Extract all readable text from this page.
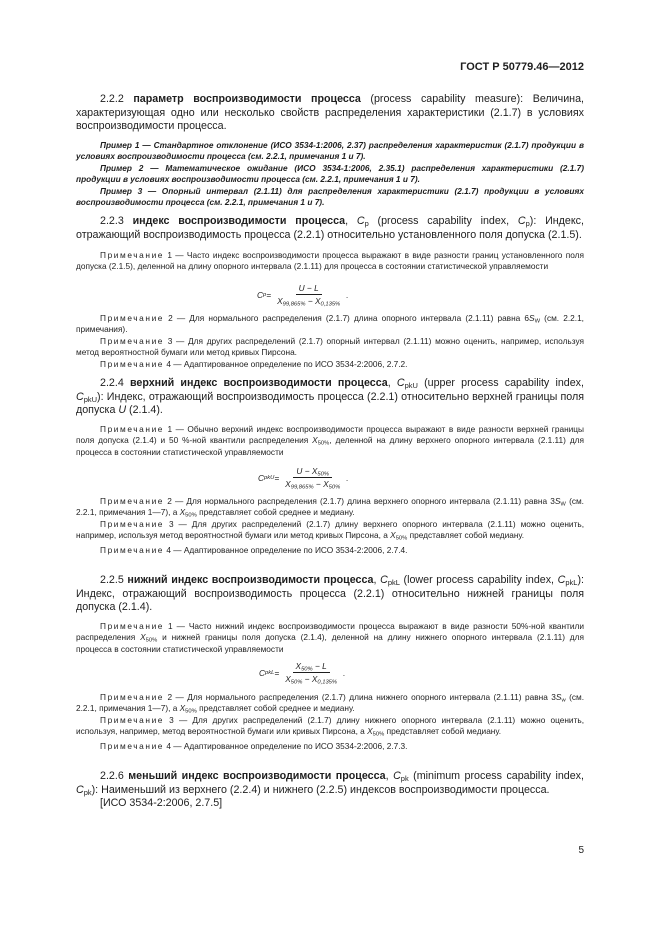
ГОСТ Р 50779.46—2012

2.2.2 параметр воспроизводимости процесса (process capability measure): Величина, характеризующая одно или несколько свойств распределения характеристики (2.1.7) в условиях воспроизводимости процесса.

Пример 1 — Стандартное отклонение (ИСО 3534-1:2006, 2.37) распределения характеристик (2.1.7) продукции в условиях воспроизводимости процесса (см. 2.2.1, примечания 1 и 7).

Пример 2 — Математическое ожидание (ИСО 3534-1:2006, 2.35.1) распределения характеристики (2.1.7) продукции в условиях воспроизводимости процесса (см. 2.2.1, примечания 1 и 7).

Пример 3 — Опорный интервал (2.1.11) для распределения характеристики (2.1.7) продукции в условиях воспроизводимости процесса (см. 2.2.1, примечания 1 и 7).

2.2.3 индекс воспроизводимости процесса, $C_p$ (process capability index, $C_p$): Индекс, отражающий воспроизводимость процесса (2.2.1) относительно установленного поля допуска (2.1.5).

Примечание 1 — Часто индекс воспроизводимости процесса выражают в виде разности границ установленного поля допуска (2.1.5), деленной на длину опорного интервала (2.1.11) для процесса в состоянии статистической управляемости

C $p = \frac{U - L}{X_{99,865\%} - X_{0,135\%}}$ .

Примечание 2 — Для нормального распределения (2.1.7) длина опорного интервала (2.1.11) равна $6S_W$ (см. 2.2.1, примечания).

Примечание 3 — Для других распределений (2.1.7) опорный интервал (2.1.11) можно оценить, например, используя метод вероятностной бумаги или метод кривых Пирсона.

Примечание 4 — Адаптированное определение по ИСО 3534-2:2006, 2.7.2.

2.2.4 верхний индекс воспроизводимости процесса, $C_{pkU}$ (upper process capability index, $C_{pkU}$): Индекс, отражающий воспроизводимость процесса (2.2.1) относительно верхней границы поля допуска U (2.1.4).

Примечание 1 — Обычно верхний индекс воспроизводимости процесса выражают в виде разности верхней границы поля допуска (2.1.4) и 50 %-ной квантили распределения $X_{50\%}$, деленной на длину верхнего опорного интервала (2.1.11) для процесса в состоянии статистической управляемости

C pkU = $\frac{U - X_{50\%}}{X_{99,865\%} - X_{50\%}}$ .

Примечание 2 — Для нормального распределения (2.1.7) длина верхнего опорного интервала (2.1.11) равна $3S_W$ (см. 2.2.1, примечания 1—7), а $X_{50\%}$ представляет собой среднее и медиану.

Примечание 3 — Для других распределений (2.1.7) длину верхнего опорного интервала (2.1.11) можно оценить, например, используя метод вероятностной бумаги или метод кривых Пирсона, а $X_{50\%}$ представляет собой медиану.

Примечание 4 — Адаптированное определение по ИСО 3534-2:2006, 2.7.4.

2.2.5 нижний индекс воспроизводимости процесса, $C_{pkL}$ (lower process capability index, $C_{pkL}$): Индекс, отражающий воспроизводимость процесса (2.2.1) относительно нижней границы поля допуска (2.1.4).

Примечание 1 — Часто нижний индекс воспроизводимости процесса выражают в виде разности 50%-ной квантили распределения $X_{50\%}$ и нижней границы поля допуска (2.1.4), деленной на длину нижнего опорного интервала (2.1.11) для процесса в состоянии статистической управляемости

C pkL = $\frac{X_{50\%} - L}{X_{50\%} - X_{0,135\%}}$ .

Примечание 2 — Для нормального распределения (2.1.7) длина нижнего опорного интервала (2.1.11) равна $3S_w$ (см. 2.2.1, примечания 1—7), а $X_{50\%}$ представляет собой среднее и медиану.

Примечание 3 — Для других распределений (2.1.7) длину нижнего опорного интервала (2.1.11) можно оценить, используя, например, метод вероятностной бумаги или кривых Пирсона, а $X_{50\%}$ представляет собой медиану.

Примечание 4 — Адаптированное определение по ИСО 3534-2:2006, 2.7.3.

2.2.6 меньший индекс воспроизводимости процесса, $C_{pk}$ (minimum process capability index, $C_{pk}$): Наименьший из верхнего (2.2.4) и нижнего (2.2.5) индексов воспроизводимости процесса.

[ИСО 3534-2:2006, 2.7.5]

5
